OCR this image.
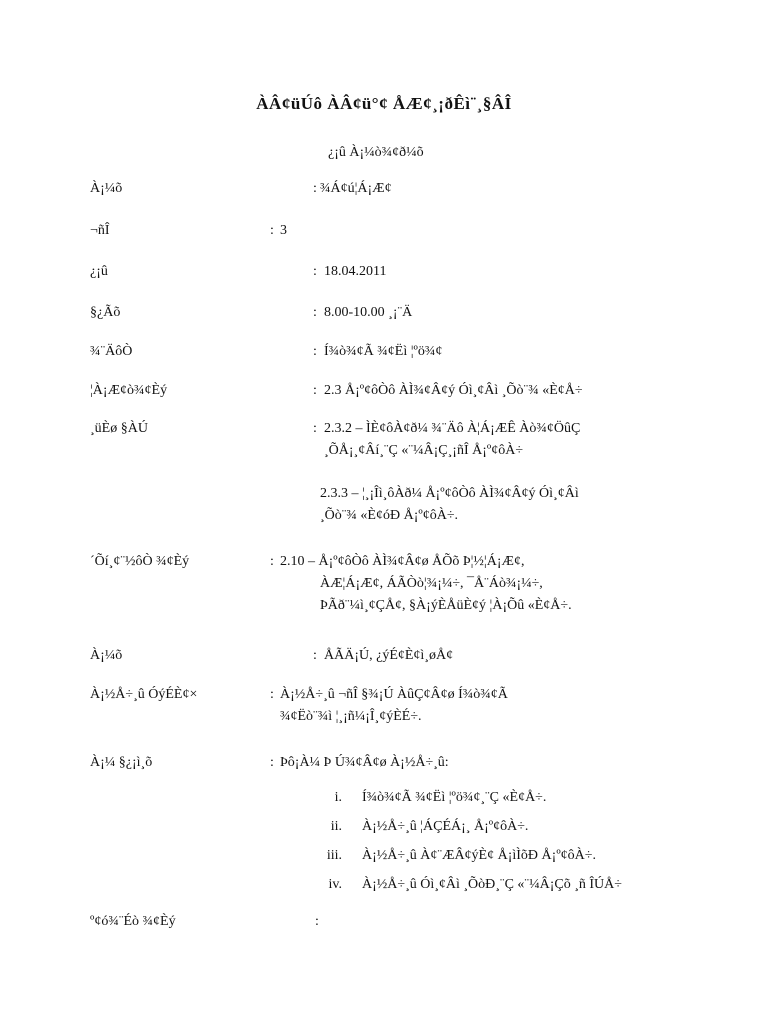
ÀÂ¢üÚô ÀÂ¢ü°¢ ÅÆ¢¸¡ðÊì¨¸§ÂÎ
¿¡û À¡¼ò¾¢ð¼õ
À¡¼õ	: ¾Á¢ú¦Á¡Æ¢
¬ñÎ	: 3
¿¡û	: 18.04.2011
§¿Ãõ	: 8.00-10.00 ¸¡¨Ä
¾¨ÄôÒ	: Í¾ò¾¢Ã ¾¢Ëì ¦ºö¾¢
¦À¡Æ¢ò¾¢Èý	: 2.3 Å¡º¢ôÒô ÀÌ¾¢Â¢ý Óì¸¢Âì ¸Õò¨¾ «È¢Å÷
¸üÈø §ÀÚ	: 2.3.2 – ÌÈ¢ôÀ¢ð¼ ¾¨Äô À¦Á¡ÆÊ Àò¾¢ÖûÇ
¸ÕÅ¡¸¢Âí¸¨Ç «¨¼Â¡Ç¸¡ñÎ Å¡º¢ôÀ÷
2.3.3 – ¦¸¡Îì¸ôÀð¼ Å¡º¢ôÒô ÀÌ¾¢Â¢ý Óì¸¢Âì
¸Õò¨¾ «È¢óÐ Å¡º¢ôÀ÷.
´Õí¸¢¨½ôÒ ¾¢Èý	: 2.10 – Å¡º¢ôÒô ÀÌ¾¢Â¢ø ÅÕõ Þ¦½¦Á¡Æ¢,
ÀÆ¦Á¡Æ¢, ÁÃÒò¦¾¡¼÷, ¯Å¨Áò¾¡¼÷,
ÞÃð¨¼ì¸¢ÇÅ¢, §À¡ýÈÅüÈ¢ý ¦À¡Õû «È¢Å÷.
À¡¼õ	: ÅÃÄ¡Ú, ¿ýÉ¢È¢ì¸øÅ¢
À¡½Å÷¸û ÓýÉÈ¢×	: À¡½Å÷¸û ¬ñÎ §¾¡Ú ÀûÇ¢Â¢ø Í¾ò¾¢Ã
¾¢Ëò¨¾ì ¦¸¡ñ¼¡Î¸¢ýÈÉ÷.
À¡¼ §¿¡ì¸õ	: Þô¡À¼ Þ Ú¾¢Â¢ø À¡½Å÷¸û:
i. Í¾ò¾¢Ã ¾¢Ëì ¦ºö¾¢¸¨Ç «È¢Å÷.
ii. À¡½Å÷¸û ¦ÁÇÉÁ¡¸ Å¡º¢ôÀ÷.
iii. À¡½Å÷¸û À¢¨ÆÂ¢ýÈ¢ Å¡ìÌõÐ Å¡º¢ôÀ÷.
iv. À¡½Å÷¸û Óì¸¢Âì ¸ÕòÐ¸¨Ç «¨¼Â¡Çõ ¸ñ ÎÚÅ÷
º¢ó¾¨Éò ¾¢Èý	:
